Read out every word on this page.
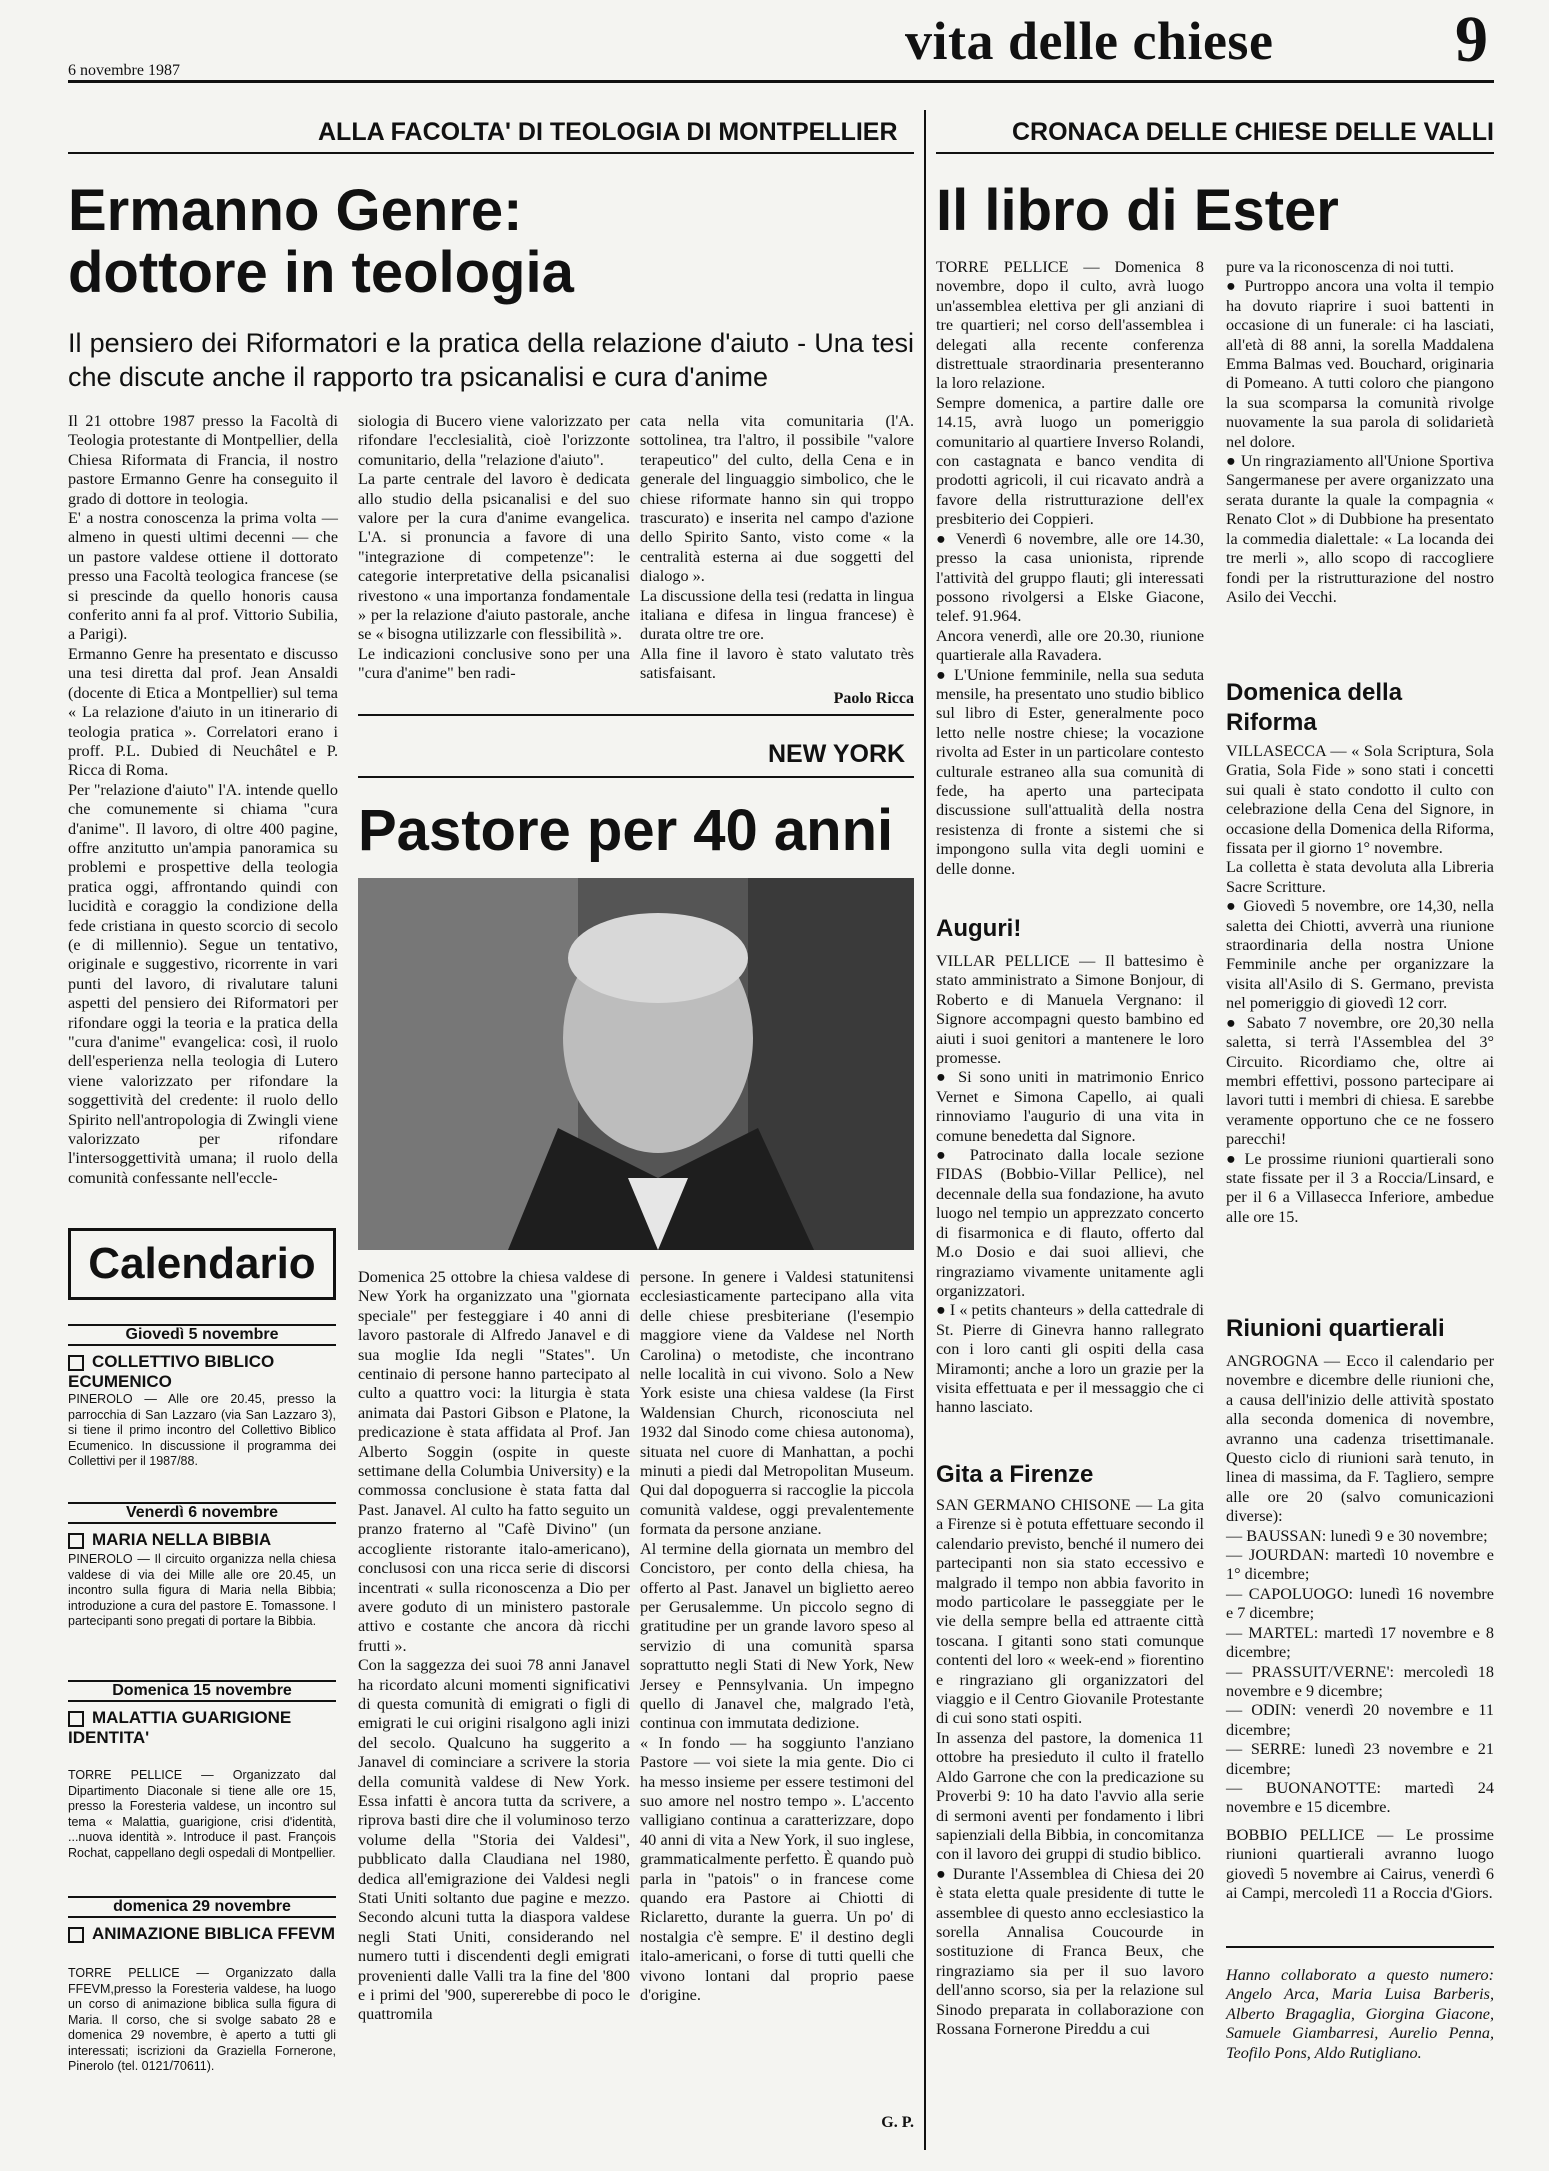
6 novembre 1987	vita delle chiese	9
ALLA FACOLTA' DI TEOLOGIA DI MONTPELLIER
Ermanno Genre:
dottore in teologia
Il pensiero dei Riformatori e la pratica della relazione d'aiuto - Una tesi che discute anche il rapporto tra psicanalisi e cura d'anime

Il 21 ottobre 1987 presso la Facoltà di Teologia protestante di Montpellier, della Chiesa Riformata di Francia, il nostro pastore Ermanno Genre ha conseguito il grado di dottore in teologia.
E' a nostra conoscenza la prima volta — almeno in questi ultimi decenni — che un pastore valdese ottiene il dottorato presso una Facoltà teologica francese (se si prescinde da quello honoris causa conferito anni fa al prof. Vittorio Subilia, a Parigi).
Ermanno Genre ha presentato e discusso una tesi diretta dal prof. Jean Ansaldi (docente di Etica a Montpellier) sul tema « La relazione d'aiuto in un itinerario di teologia pratica ». Correlatori erano i proff. P.L. Dubied di Neuchâtel e P. Ricca di Roma.
Per "relazione d'aiuto" l'A. intende quello che comunemente si chiama "cura d'anime". Il lavoro, di oltre 400 pagine, offre anzitutto un'ampia panoramica su problemi e prospettive della teologia pratica oggi, affrontando quindi con lucidità e coraggio la condizione della fede cristiana in questo scorcio di secolo (e di millennio). Segue un tentativo, originale e suggestivo, ricorrente in vari punti del lavoro, di rivalutare taluni aspetti del pensiero dei Riformatori per rifondare oggi la teoria e la pratica della "cura d'anime" evangelica: così, il ruolo dell'esperienza nella teologia di Lutero viene valorizzato per rifondare la soggettività del credente: il ruolo dello Spirito nell'antropologia di Zwingli viene valorizzato per rifondare l'intersoggettività umana; il ruolo della comunità confessante nell'eccle-

siologia di Bucero viene valorizzato per rifondare l'ecclesialità, cioè l'orizzonte comunitario, della "relazione d'aiuto".
La parte centrale del lavoro è dedicata allo studio della psicanalisi e del suo valore per la cura d'anime evangelica. L'A. si pronuncia a favore di una "integrazione di competenze": le categorie interpretative della psicanalisi rivestono « una importanza fondamentale » per la relazione d'aiuto pastorale, anche se « bisogna utilizzarle con flessibilità ».
Le indicazioni conclusive sono per una "cura d'anime" ben radi-

cata nella vita comunitaria (l'A. sottolinea, tra l'altro, il possibile "valore terapeutico" del culto, della Cena e in generale del linguaggio simbolico, che le chiese riformate hanno sin qui troppo trascurato) e inserita nel campo d'azione dello Spirito Santo, visto come « la centralità esterna ai due soggetti del dialogo ».
La discussione della tesi (redatta in lingua italiana e difesa in lingua francese) è durata oltre tre ore.
Alla fine il lavoro è stato valutato très satisfaisant.

Paolo Ricca
NEW YORK
Pastore per 40 anni

Domenica 25 ottobre la chiesa valdese di New York ha organizzato una "giornata speciale" per festeggiare i 40 anni di lavoro pastorale di Alfredo Janavel e di sua moglie Ida negli "States". Un centinaio di persone hanno partecipato al culto a quattro voci: la liturgia è stata animata dai Pastori Gibson e Platone, la predicazione è stata affidata al Prof. Jan Alberto Soggin (ospite in queste settimane della Columbia University) e la commossa conclusione è stata fatta dal Past. Janavel. Al culto ha fatto seguito un pranzo fraterno al "Cafè Divino" (un accogliente ristorante italo-americano), conclusosi con una ricca serie di discorsi incentrati « sulla riconoscenza a Dio per avere goduto di un ministero pastorale attivo e costante che ancora dà ricchi frutti ».
Con la saggezza dei suoi 78 anni Janavel ha ricordato alcuni momenti significativi di questa comunità di emigrati o figli di emigrati le cui origini risalgono agli inizi del secolo. Qualcuno ha suggerito a Janavel di cominciare a scrivere la storia della comunità valdese di New York. Essa infatti è ancora tutta da scrivere, a riprova basti dire che il voluminoso terzo volume della "Storia dei Valdesi", pubblicato dalla Claudiana nel 1980, dedica all'emigrazione dei Valdesi negli Stati Uniti soltanto due pagine e mezzo. Secondo alcuni tutta la diaspora valdese negli Stati Uniti, considerando nel numero tutti i discendenti degli emigrati provenienti dalle Valli tra la fine del '800 e i primi del '900, supererebbe di poco le quattromila

persone. In genere i Valdesi statunitensi ecclesiasticamente partecipano alla vita delle chiese presbiteriane (l'esempio maggiore viene da Valdese nel North Carolina) o metodiste, che incontrano nelle località in cui vivono. Solo a New York esiste una chiesa valdese (la First Waldensian Church, riconosciuta nel 1932 dal Sinodo come chiesa autonoma), situata nel cuore di Manhattan, a pochi minuti a piedi dal Metropolitan Museum. Qui dal dopoguerra si raccoglie la piccola comunità valdese, oggi prevalentemente formata da persone anziane.
Al termine della giornata un membro del Concistoro, per conto della chiesa, ha offerto al Past. Janavel un biglietto aereo per Gerusalemme. Un piccolo segno di gratitudine per un grande lavoro speso al servizio di una comunità sparsa soprattutto negli Stati di New York, New Jersey e Pennsylvania. Un impegno quello di Janavel che, malgrado l'età, continua con immutata dedizione.
« In fondo — ha soggiunto l'anziano Pastore — voi siete la mia gente. Dio ci ha messo insieme per essere testimoni del suo amore nel nostro tempo ». L'accento valligiano continua a caratterizzare, dopo 40 anni di vita a New York, il suo inglese, grammaticalmente perfetto. È quando può parla in "patois" o in francese come quando era Pastore ai Chiotti di Riclaretto, durante la guerra. Un po' di nostalgia c'è sempre. E' il destino degli italo-americani, o forse di tutti quelli che vivono lontani dal proprio paese d'origine.

G. P.
Calendario
Giovedì 5 novembre
COLLETTIVO BIBLICO ECUMENICO

PINEROLO — Alle ore 20.45, presso la parrocchia di San Lazzaro (via San Lazzaro 3), si tiene il primo incontro del Collettivo Biblico Ecumenico. In discussione il programma dei Collettivi per il 1987/88.

Venerdì 6 novembre
MARIA NELLA BIBBIA

PINEROLO — Il circuito organizza nella chiesa valdese di via dei Mille alle ore 20.45, un incontro sulla figura di Maria nella Bibbia; introduzione a cura del pastore E. Tomassone. I partecipanti sono pregati di portare la Bibbia.

Domenica 15 novembre
MALATTIA GUARIGIONE IDENTITA'

TORRE PELLICE — Organizzato dal Dipartimento Diaconale si tiene alle ore 15, presso la Foresteria valdese, un incontro sul tema « Malattia, guarigione, crisi d'identità, ...nuova identità ». Introduce il past. François Rochat, cappellano degli ospedali di Montpellier.

domenica 29 novembre
ANIMAZIONE BIBLICA FFEVM

TORRE PELLICE — Organizzato dalla FFEVM,presso la Foresteria valdese, ha luogo un corso di animazione biblica sulla figura di Maria. Il corso, che si svolge sabato 28 e domenica 29 novembre, è aperto a tutti gli interessati; iscrizioni da Graziella Fornerone, Pinerolo (tel. 0121/70611).

CRONACA DELLE CHIESE DELLE VALLI
Il libro di Ester

TORRE PELLICE — Domenica 8 novembre, dopo il culto, avrà luogo un'assemblea elettiva per gli anziani di tre quartieri; nel corso dell'assemblea i delegati alla recente conferenza distrettuale straordinaria presenteranno la loro relazione.
Sempre domenica, a partire dalle ore 14.15, avrà luogo un pomeriggio comunitario al quartiere Inverso Rolandi, con castagnata e banco vendita di prodotti agricoli, il cui ricavato andrà a favore della ristrutturazione dell'ex presbiterio dei Coppieri.
● Venerdì 6 novembre, alle ore 14.30, presso la casa unionista, riprende l'attività del gruppo flauti; gli interessati possono rivolgersi a Elske Giacone, telef. 91.964.
Ancora venerdì, alle ore 20.30, riunione quartierale alla Ravadera.
● L'Unione femminile, nella sua seduta mensile, ha presentato uno studio biblico sul libro di Ester, generalmente poco letto nelle nostre chiese; la vocazione rivolta ad Ester in un particolare contesto culturale estraneo alla sua comunità di fede, ha aperto una partecipata discussione sull'attualità della nostra resistenza di fronte a sistemi che si impongono sulla vita degli uomini e delle donne.

Auguri!

VILLAR PELLICE — Il battesimo è stato amministrato a Simone Bonjour, di Roberto e di Manuela Vergnano: il Signore accompagni questo bambino ed aiuti i suoi genitori a mantenere le loro promesse.
● Si sono uniti in matrimonio Enrico Vernet e Simona Capello, ai quali rinnoviamo l'augurio di una vita in comune benedetta dal Signore.
● Patrocinato dalla locale sezione FIDAS (Bobbio-Villar Pellice), nel decennale della sua fondazione, ha avuto luogo nel tempio un apprezzato concerto di fisarmonica e di flauto, offerto dal M.o Dosio e dai suoi allievi, che ringraziamo vivamente unitamente agli organizzatori.
● I « petits chanteurs » della cattedrale di St. Pierre di Ginevra hanno rallegrato con i loro canti gli ospiti della casa Miramonti; anche a loro un grazie per la visita effettuata e per il messaggio che ci hanno lasciato.

Gita a Firenze

SAN GERMANO CHISONE — La gita a Firenze si è potuta effettuare secondo il calendario previsto, benché il numero dei partecipanti non sia stato eccessivo e malgrado il tempo non abbia favorito in modo particolare le passeggiate per le vie della sempre bella ed attraente città toscana. I gitanti sono stati comunque contenti del loro « week-end » fiorentino e ringraziano gli organizzatori del viaggio e il Centro Giovanile Protestante di cui sono stati ospiti.
In assenza del pastore, la domenica 11 ottobre ha presieduto il culto il fratello Aldo Garrone che con la predicazione su Proverbi 9: 10 ha dato l'avvio alla serie di sermoni aventi per fondamento i libri sapienziali della Bibbia, in concomitanza con il lavoro dei gruppi di studio biblico.
● Durante l'Assemblea di Chiesa dei 20 è stata eletta quale presidente di tutte le assemblee di questo anno ecclesiastico la sorella Annalisa Coucourde in sostituzione di Franca Beux, che ringraziamo sia per il suo lavoro dell'anno scorso, sia per la relazione sul Sinodo preparata in collaborazione con Rossana Fornerone Pireddu a cui

pure va la riconoscenza di noi tutti.
● Purtroppo ancora una volta il tempio ha dovuto riaprire i suoi battenti in occasione di un funerale: ci ha lasciati, all'età di 88 anni, la sorella Maddalena Emma Balmas ved. Bouchard, originaria di Pomeano. A tutti coloro che piangono la sua scomparsa la comunità rivolge nuovamente la sua parola di solidarietà nel dolore.
● Un ringraziamento all'Unione Sportiva Sangermanese per avere organizzato una serata durante la quale la compagnia « Renato Clot » di Dubbione ha presentato la commedia dialettale: « La locanda dei tre merli », allo scopo di raccogliere fondi per la ristrutturazione del nostro Asilo dei Vecchi.

Domenica della Riforma

VILLASECCA — « Sola Scriptura, Sola Gratia, Sola Fide » sono stati i concetti sui quali è stato condotto il culto con celebrazione della Cena del Signore, in occasione della Domenica della Riforma, fissata per il giorno 1° novembre.
La colletta è stata devoluta alla Libreria Sacre Scritture.
● Giovedì 5 novembre, ore 14,30, nella saletta dei Chiotti, avverrà una riunione straordinaria della nostra Unione Femminile anche per organizzare la visita all'Asilo di S. Germano, prevista nel pomeriggio di giovedì 12 corr.
● Sabato 7 novembre, ore 20,30 nella saletta, si terrà l'Assemblea del 3° Circuito. Ricordiamo che, oltre ai membri effettivi, possono partecipare ai lavori tutti i membri di chiesa. E sarebbe veramente opportuno che ce ne fossero parecchi!
● Le prossime riunioni quartierali sono state fissate per il 3 a Roccia/Linsard, e per il 6 a Villasecca Inferiore, ambedue alle ore 15.

Riunioni quartierali

ANGROGNA — Ecco il calendario per novembre e dicembre delle riunioni che, a causa dell'inizio delle attività spostato alla seconda domenica di novembre, avranno una cadenza trisettimanale. Questo ciclo di riunioni sarà tenuto, in linea di massima, da F. Tagliero, sempre alle ore 20 (salvo comunicazioni diverse):
— BAUSSAN: lunedì 9 e 30 novembre;
— JOURDAN: martedì 10 novembre e 1° dicembre;
— CAPOLUOGO: lunedì 16 novembre e 7 dicembre;
— MARTEL: martedì 17 novembre e 8 dicembre;
— PRASSUIT/VERNE': mercoledì 18 novembre e 9 dicembre;
— ODIN: venerdì 20 novembre e 11 dicembre;
— SERRE: lunedì 23 novembre e 21 dicembre;
— BUONANOTTE: martedì 24 novembre e 15 dicembre.

BOBBIO PELLICE — Le prossime riunioni quartierali avranno luogo giovedì 5 novembre ai Cairus, venerdì 6 ai Campi, mercoledì 11 a Roccia d'Giors.

Hanno collaborato a questo numero: Angelo Arca, Maria Luisa Barberis, Alberto Bragaglia, Giorgina Giacone, Samuele Giambarresi, Aurelio Penna, Teofilo Pons, Aldo Rutigliano.
